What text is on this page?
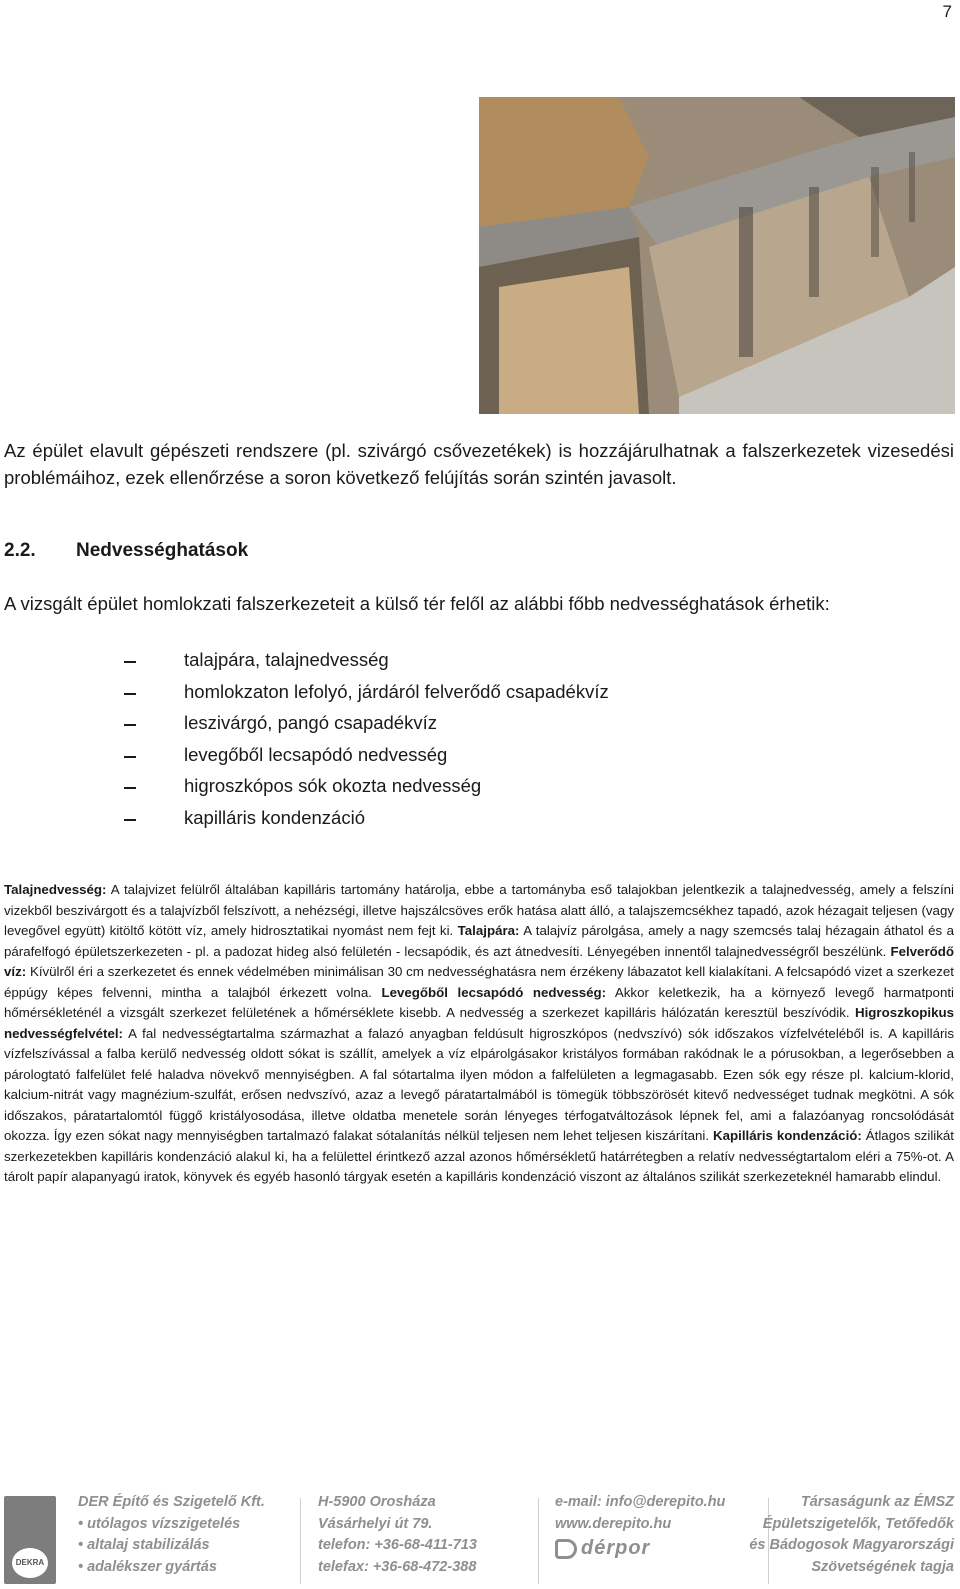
7
Az épület elavult gépészeti rendszere (pl. szivárgó csővezetékek) is hozzájárulhatnak a falszerkezetek vizesedési problémáihoz, ezek ellenőrzése a soron következő felújítás során szintén javasolt.
2.2. Nedvességhatások
A vizsgált épület homlokzati falszerkezeteit a külső tér felől az alábbi főbb nedvességhatások érhetik:
talajpára, talajnedvesség
homlokzaton lefolyó, járdáról felverődő csapadékvíz
leszivárgó, pangó csapadékvíz
levegőből lecsapódó nedvesség
higroszkópos sók okozta nedvesség
kapilláris kondenzáció
Talajnedvesség: A talajvizet felülről általában kapilláris tartomány határolja, ebbe a tartományba eső talajokban jelentkezik a talajnedvesség, amely a felszíni vizekből beszivárgott és a talajvízből felszívott, a nehézségi, illetve hajszálcsöves erők hatása alatt álló, a talajszemcsékhez tapadó, azok hézagait teljesen (vagy levegővel együtt) kitöltő kötött víz, amely hidrosztatikai nyomást nem fejt ki. Talajpára: A talajvíz párolgása, amely a nagy szemcsés talaj hézagain áthatol és a párafelfogó épületszerkezeten - pl. a padozat hideg alsó felületén - lecsapódik, és azt átnedvesíti. Lényegében innentől talajnedvességről beszélünk. Felverődő víz: Kívülről éri a szerkezetet és ennek védelmében minimálisan 30 cm nedvességhatásra nem érzékeny lábazatot kell kialakítani. A felcsapódó vizet a szerkezet éppúgy képes felvenni, mintha a talajból érkezett volna. Levegőből lecsapódó nedvesség: Akkor keletkezik, ha a környező levegő harmatponti hőmérsékleténél a vizsgált szerkezet felületének a hőmérséklete kisebb. A nedvesség a szerkezet kapilláris hálózatán keresztül beszívódik. Higroszkopikus nedvességfelvétel: A fal nedvességtartalma származhat a falazó anyagban feldúsult higroszkópos (nedvszívó) sók időszakos vízfelvételéből is. A kapilláris vízfelszívással a falba kerülő nedvesség oldott sókat is szállít, amelyek a víz elpárolgásakor kristályos formában rakódnak le a pórusokban, a legerősebben a párologtató falfelület felé haladva növekvő mennyiségben. A fal sótartalma ilyen módon a falfelületen a legmagasabb. Ezen sók egy része pl. kalcium-klorid, kalcium-nitrát vagy magnézium-szulfát, erősen nedvszívó, azaz a levegő páratartalmából is tömegük többszörösét kitevő nedvességet tudnak megkötni. A sók időszakos, páratartalomtól függő kristályosodása, illetve oldatba menetele során lényeges térfogatváltozások lépnek fel, ami a falazóanyag roncsolódását okozza. Így ezen sókat nagy mennyiségben tartalmazó falakat sótalanítás nélkül teljesen nem lehet teljesen kiszárítani. Kapilláris kondenzáció: Átlagos szilikát szerkezetekben kapilláris kondenzáció alakul ki, ha a felülettel érintkező azzal azonos hőmérsékletű határrétegben a relatív nedvességtartalom eléri a 75%-ot. A tárolt papír alapanyagú iratok, könyvek és egyéb hasonló tárgyak esetén a kapilláris kondenzáció viszont az általános szilikát szerkezeteknél hamarabb elindul.
DEKRA
DER Építő és Szigetelő Kft.
• utólagos vízszigetelés
• altalaj stabilizálás
• adalékszer gyártás
H-5900 Orosháza
Vásárhelyi út 79.
telefon: +36-68-411-713
telefax: +36-68-472-388
e-mail: info@derepito.hu
www.derepito.hu
dérpor
Társaságunk az ÉMSZ
Épületszigetelők, Tetőfedők
és Bádogosok Magyarországi
Szövetségének tagja
